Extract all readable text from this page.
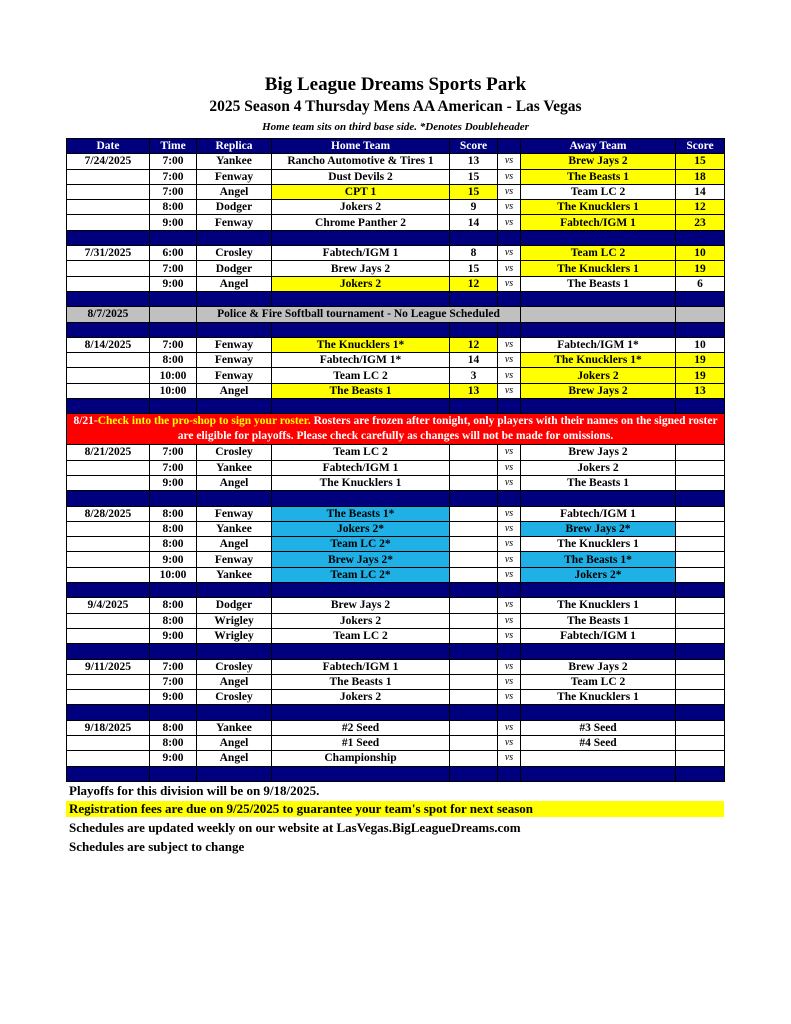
Big League Dreams Sports Park
2025 Season 4 Thursday Mens AA American - Las Vegas
Home team sits on third base side. *Denotes Doubleheader
Date	Time	Replica	Home Team	Score		Away Team	Score
7/24/2025	7:00	Yankee	Rancho Automotive & Tires 1	13	vs	Brew Jays 2	15
	7:00	Fenway	Dust Devils 2	15	vs	The Beasts 1	18
	7:00	Angel	CPT 1	15	vs	Team LC 2	14
	8:00	Dodger	Jokers 2	9	vs	The Knucklers 1	12
	9:00	Fenway	Chrome Panther 2	14	vs	Fabtech/IGM 1	23

7/31/2025	6:00	Crosley	Fabtech/IGM 1	8	vs	Team LC 2	10
	7:00	Dodger	Brew Jays 2	15	vs	The Knucklers 1	19
	9:00	Angel	Jokers 2	12	vs	The Beasts 1	6

8/7/2025		Police & Fire Softball tournament - No League Scheduled					

8/14/2025	7:00	Fenway	The Knucklers 1*	12	vs	Fabtech/IGM 1*	10
	8:00	Fenway	Fabtech/IGM 1*	14	vs	The Knucklers 1*	19
	10:00	Fenway	Team LC 2	3	vs	Jokers 2	19
	10:00	Angel	The Beasts 1	13	vs	Brew Jays 2	13

8/21-Check into the pro-shop to sign your roster. Rosters are frozen after tonight, only players with their names on the signed roster are eligible for playoffs. Please check carefully as changes will not be made for omissions.							
8/21/2025	7:00	Crosley	Team LC 2		vs	Brew Jays 2	
	7:00	Yankee	Fabtech/IGM 1		vs	Jokers 2	
	9:00	Angel	The Knucklers 1		vs	The Beasts 1	

8/28/2025	8:00	Fenway	The Beasts 1*		vs	Fabtech/IGM 1	
	8:00	Yankee	Jokers 2*		vs	Brew Jays 2*	
	8:00	Angel	Team LC 2*		vs	The Knucklers 1	
	9:00	Fenway	Brew Jays 2*		vs	The Beasts 1*	
	10:00	Yankee	Team LC 2*		vs	Jokers 2*	

9/4/2025	8:00	Dodger	Brew Jays 2		vs	The Knucklers 1	
	8:00	Wrigley	Jokers 2		vs	The Beasts 1	
	9:00	Wrigley	Team LC 2		vs	Fabtech/IGM 1	

9/11/2025	7:00	Crosley	Fabtech/IGM 1		vs	Brew Jays 2	
	7:00	Angel	The Beasts 1		vs	Team LC 2	
	9:00	Crosley	Jokers 2		vs	The Knucklers 1	

9/18/2025	8:00	Yankee	#2 Seed		vs	#3 Seed	
	8:00	Angel	#1 Seed		vs	#4 Seed	
	9:00	Angel	Championship		vs		

Playoffs for this division will be on 9/18/2025.
Registration fees are due on 9/25/2025 to guarantee your team's spot for next season
Schedules are updated weekly on our website at LasVegas.BigLeagueDreams.com
Schedules are subject to change
